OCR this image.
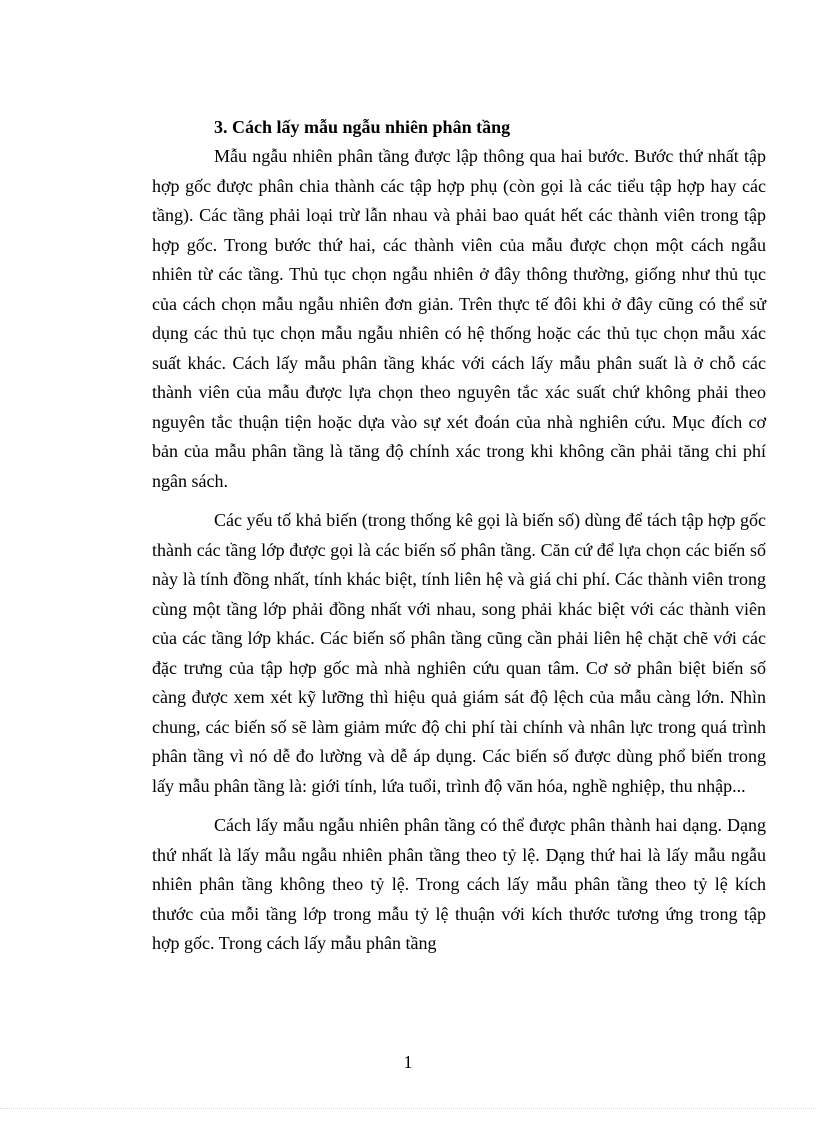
3. Cách lấy mẫu ngẫu nhiên phân tầng

Mẫu ngẫu nhiên phân tầng được lập thông qua hai bước. Bước thứ nhất tập hợp gốc được phân chia thành các tập hợp phụ (còn gọi là các tiểu tập hợp hay các tầng). Các tầng phải loại trừ lẫn nhau và phải bao quát hết các thành viên trong tập hợp gốc. Trong bước thứ hai, các thành viên của mẫu được chọn một cách ngẫu nhiên từ các tầng. Thủ tục chọn ngẫu nhiên ở đây thông thường, giống như thủ tục của cách chọn mẫu ngẫu nhiên đơn giản. Trên thực tế đôi khi ở đây cũng có thể sử dụng các thủ tục chọn mẫu ngẫu nhiên có hệ thống hoặc các thủ tục chọn mẫu xác suất khác. Cách lấy mẫu phân tầng khác với cách lấy mẫu phân suất là ở chỗ các thành viên của mẫu được lựa chọn theo nguyên tắc xác suất chứ không phải theo nguyên tắc thuận tiện hoặc dựa vào sự xét đoán của nhà nghiên cứu. Mục đích cơ bản của mẫu phân tầng là tăng độ chính xác trong khi không cần phải tăng chi phí ngân sách.

Các yếu tố khả biến (trong thống kê gọi là biến số) dùng để tách tập hợp gốc thành các tầng lớp được gọi là các biến số phân tầng. Căn cứ để lựa chọn các biến số này là tính đồng nhất, tính khác biệt, tính liên hệ và giá chi phí. Các thành viên trong cùng một tầng lớp phải đồng nhất với nhau, song phải khác biệt với các thành viên của các tầng lớp khác. Các biến số phân tầng cũng cần phải liên hệ chặt chẽ với các đặc trưng của tập hợp gốc mà nhà nghiên cứu quan tâm. Cơ sở phân biệt biến số càng được xem xét kỹ lưỡng thì hiệu quả giám sát độ lệch của mẫu càng lớn. Nhìn chung, các biến số sẽ làm giảm mức độ chi phí tài chính và nhân lực trong quá trình phân tầng vì nó dễ đo lường và dễ áp dụng. Các biến số được dùng phổ biến trong lấy mẫu phân tầng là: giới tính, lứa tuổi, trình độ văn hóa, nghề nghiệp, thu nhập...

Cách lấy mẫu ngẫu nhiên phân tầng có thể được phân thành hai dạng. Dạng thứ nhất là lấy mẫu ngẫu nhiên phân tầng theo tỷ lệ. Dạng thứ hai là lấy mẫu ngẫu nhiên phân tầng không theo tỷ lệ. Trong cách lấy mẫu phân tầng theo tỷ lệ kích thước của mỗi tầng lớp trong mẫu tỷ lệ thuận với kích thước tương ứng trong tập hợp gốc. Trong cách lấy mẫu phân tầng

1
